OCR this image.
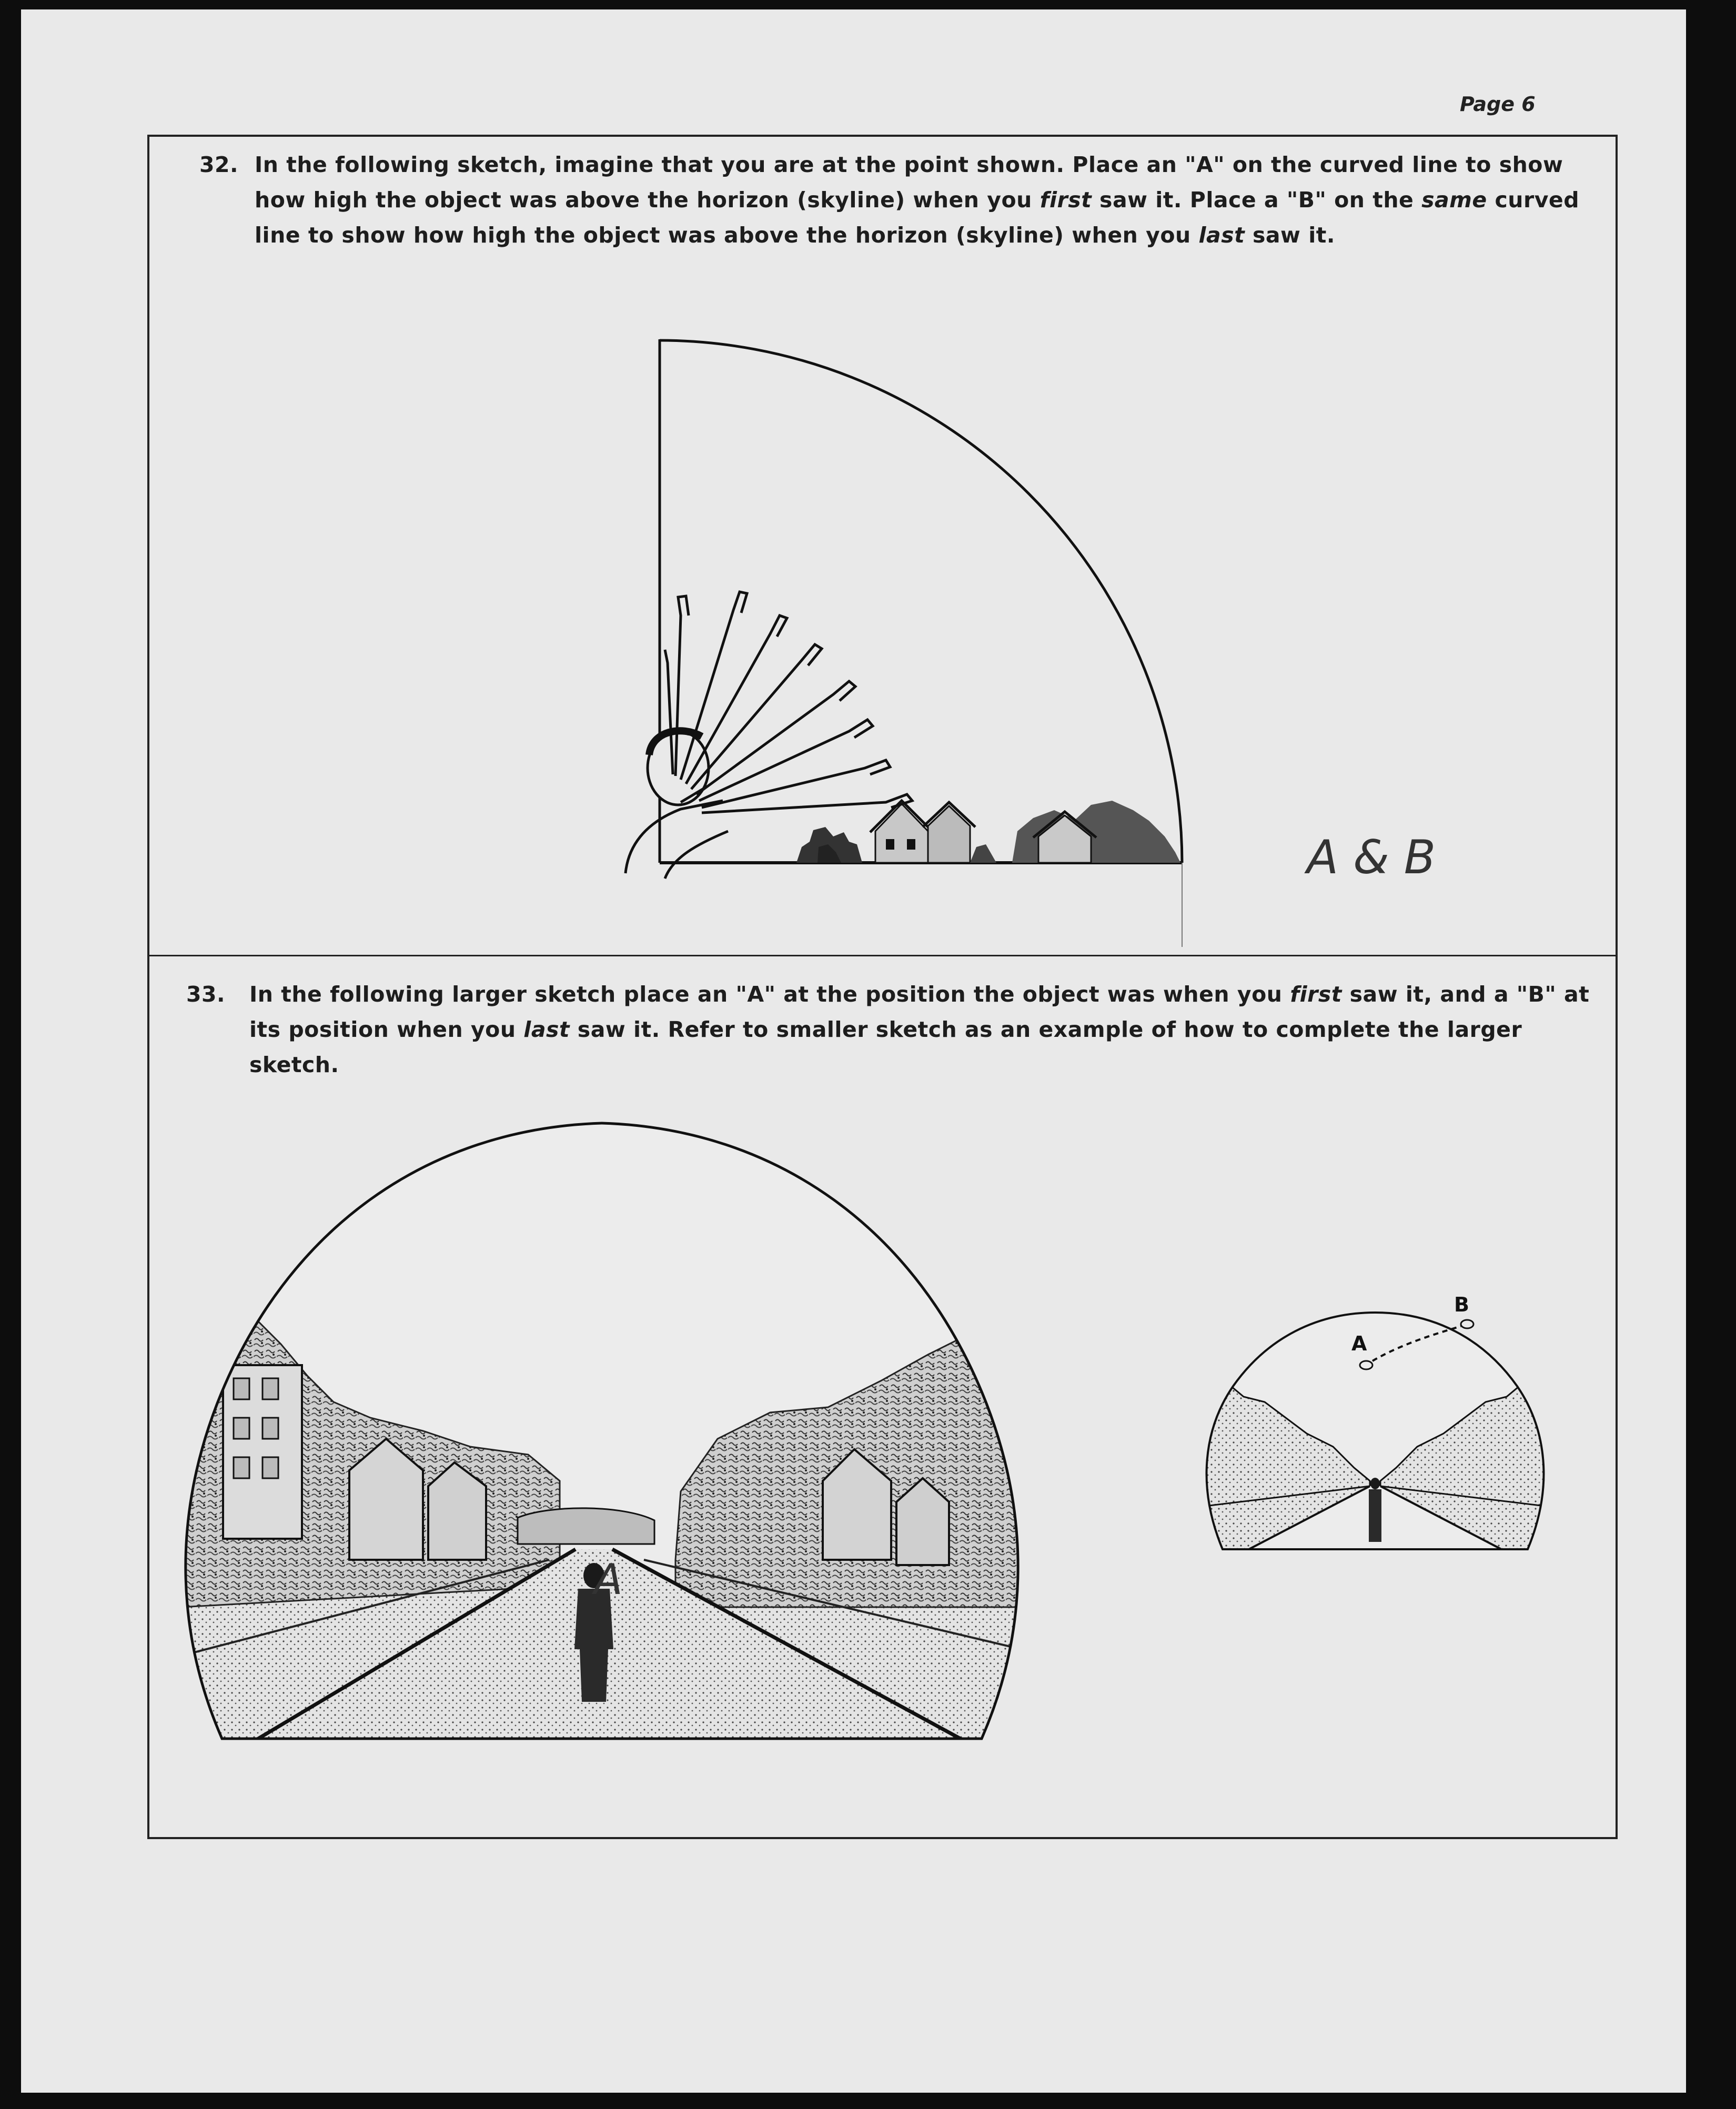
Page 6
32. In the following sketch, imagine that you are at the point shown. Place an "A" on the curved line to show how high the object was above the horizon (skyline) when you first saw it. Place a "B" on the same curved line to show how high the object was above the horizon (skyline) when you last saw it.
A & B
33. In the following larger sketch place an "A" at the position the object was when you first saw it, and a "B" at its position when you last saw it. Refer to smaller sketch as an example of how to complete the larger sketch.
A
A
B
